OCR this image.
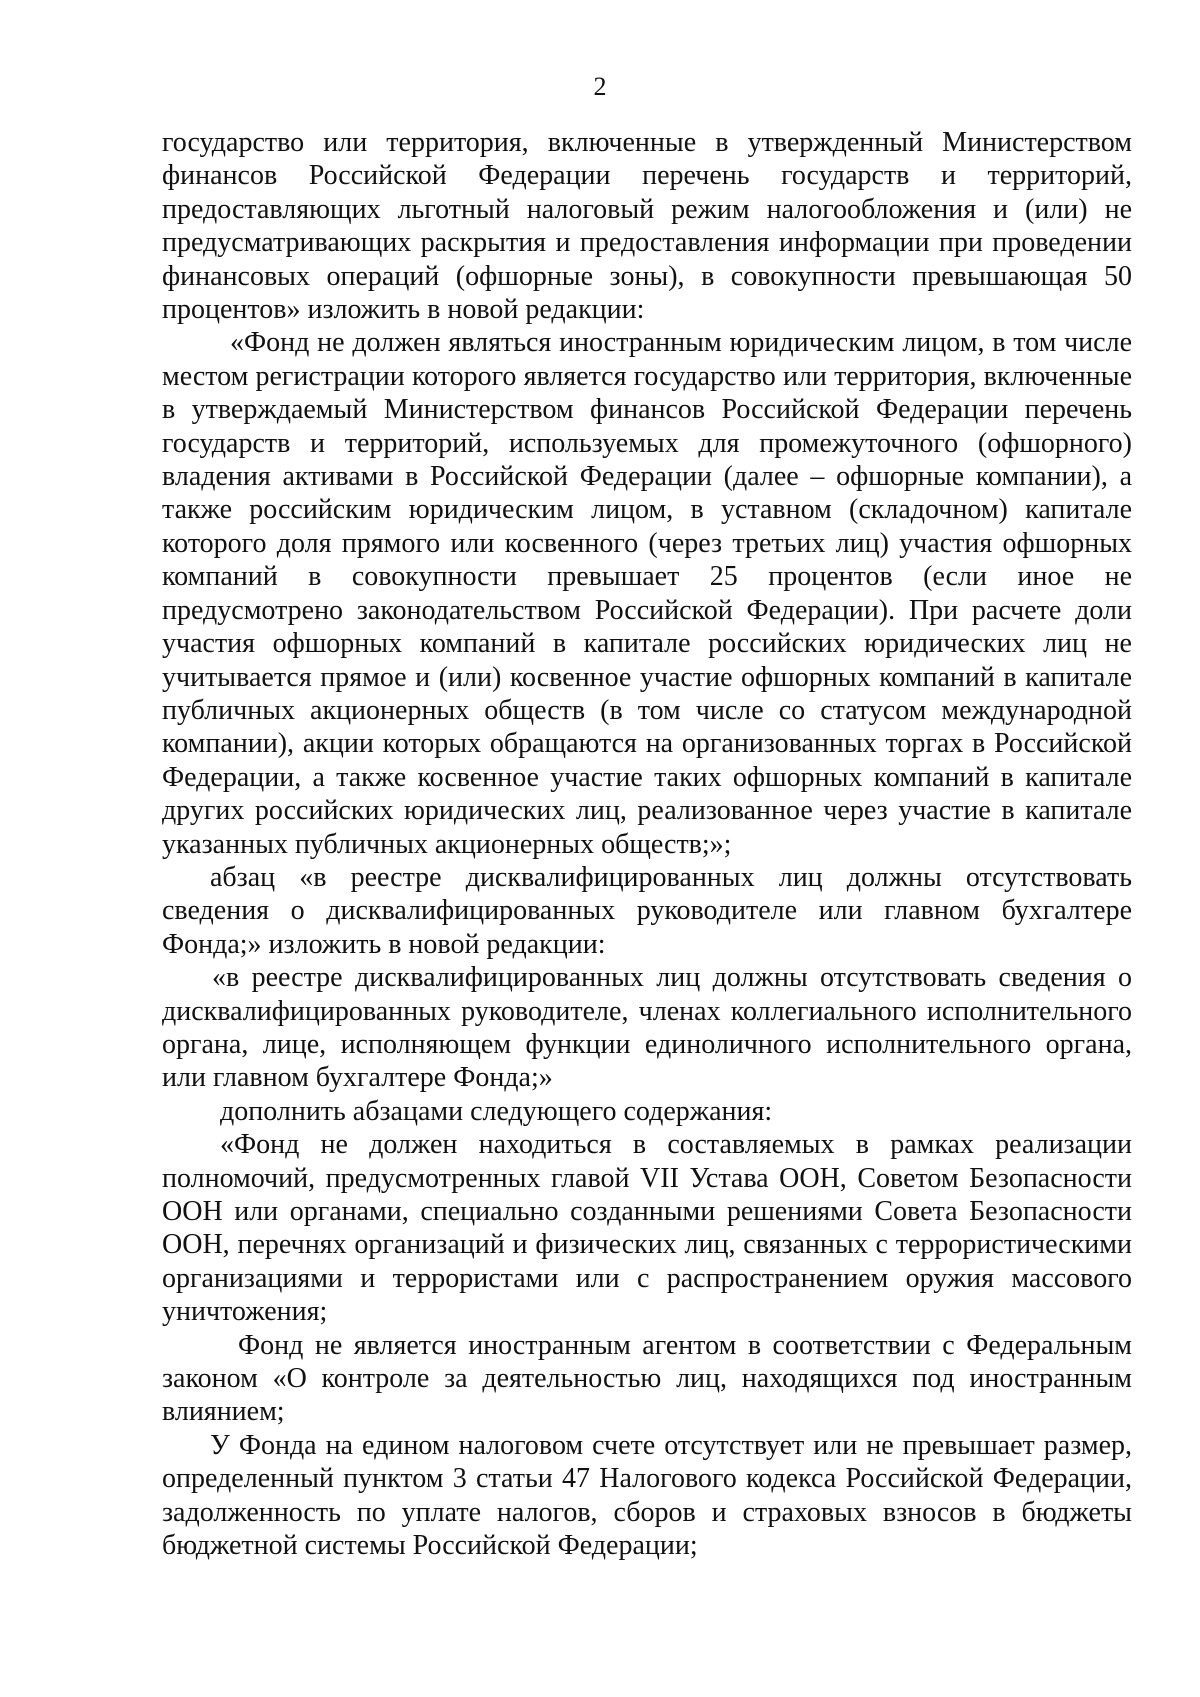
2

государство или территория, включенные в утвержденный Министерством финансов Российской Федерации перечень государств и территорий, предоставляющих льготный налоговый режим налогообложения и (или) не предусматривающих раскрытия и предоставления информации при проведении финансовых операций (офшорные зоны), в совокупности превышающая 50 процентов» изложить в новой редакции:

«Фонд не должен являться иностранным юридическим лицом, в том числе местом регистрации которого является государство или территория, включенные в утверждаемый Министерством финансов Российской Федерации перечень государств и территорий, используемых для промежуточного (офшорного) владения активами в Российской Федерации (далее – офшорные компании), а также российским юридическим лицом, в уставном (складочном) капитале которого доля прямого или косвенного (через третьих лиц) участия офшорных компаний в совокупности превышает 25 процентов (если иное не предусмотрено законодательством Российской Федерации). При расчете доли участия офшорных компаний в капитале российских юридических лиц не учитывается прямое и (или) косвенное участие офшорных компаний в капитале публичных акционерных обществ (в том числе со статусом международной компании), акции которых обращаются на организованных торгах в Российской Федерации, а также косвенное участие таких офшорных компаний в капитале других российских юридических лиц, реализованное через участие в капитале указанных публичных акционерных обществ;»;

абзац «в реестре дисквалифицированных лиц должны отсутствовать сведения о дисквалифицированных руководителе или главном бухгалтере Фонда;» изложить в новой редакции:

«в реестре дисквалифицированных лиц должны отсутствовать сведения о дисквалифицированных руководителе, членах коллегиального исполнительного органа, лице, исполняющем функции единоличного исполнительного органа, или главном бухгалтере Фонда;»

дополнить абзацами следующего содержания:

«Фонд не должен находиться в составляемых в рамках реализации полномочий, предусмотренных главой VII Устава ООН, Советом Безопасности ООН или органами, специально созданными решениями Совета Безопасности ООН, перечнях организаций и физических лиц, связанных с террористическими организациями и террористами или с распространением оружия массового уничтожения;

Фонд не является иностранным агентом в соответствии с Федеральным законом «О контроле за деятельностью лиц, находящихся под иностранным влиянием;

У Фонда на едином налоговом счете отсутствует или не превышает размер, определенный пунктом 3 статьи 47 Налогового кодекса Российской Федерации, задолженность по уплате налогов, сборов и страховых взносов в бюджеты бюджетной системы Российской Федерации;
